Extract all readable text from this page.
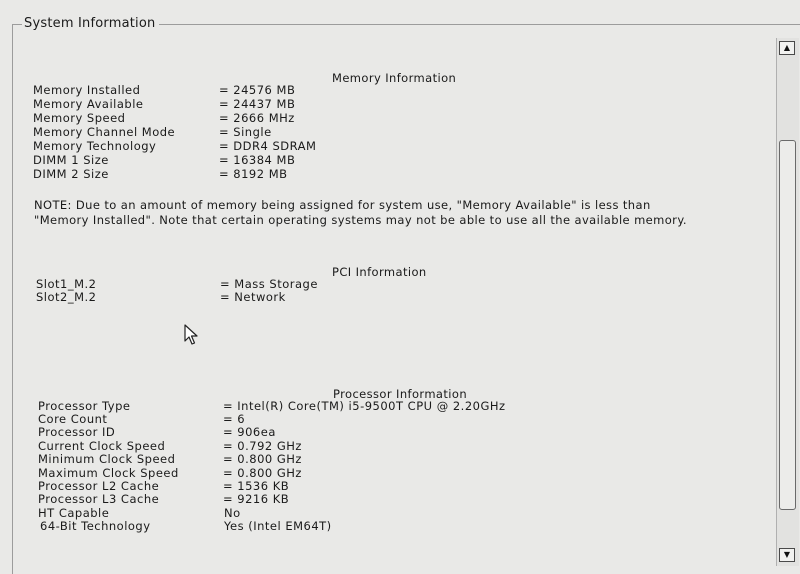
System Information
Memory Information
Memory Installed	= 24576 MB
Memory Available	= 24437 MB
Memory Speed	= 2666 MHz
Memory Channel Mode	= Single
Memory Technology	= DDR4 SDRAM
DIMM 1 Size	= 16384 MB
DIMM 2 Size	= 8192 MB
NOTE: Due to an amount of memory being assigned for system use, "Memory Available" is less than "Memory Installed". Note that certain operating systems may not be able to use all the available memory.
PCI Information
Slot1_M.2	= Mass Storage
Slot2_M.2	= Network
Processor Information
Processor Type	= Intel(R) Core(TM) i5-9500T CPU @ 2.20GHz
Core Count	= 6
Processor ID	= 906ea
Current Clock Speed	= 0.792 GHz
Minimum Clock Speed	= 0.800 GHz
Maximum Clock Speed	= 0.800 GHz
Processor L2 Cache	= 1536 KB
Processor L3 Cache	= 9216 KB
HT Capable	No
64-Bit Technology	Yes (Intel EM64T)
▲
▼
